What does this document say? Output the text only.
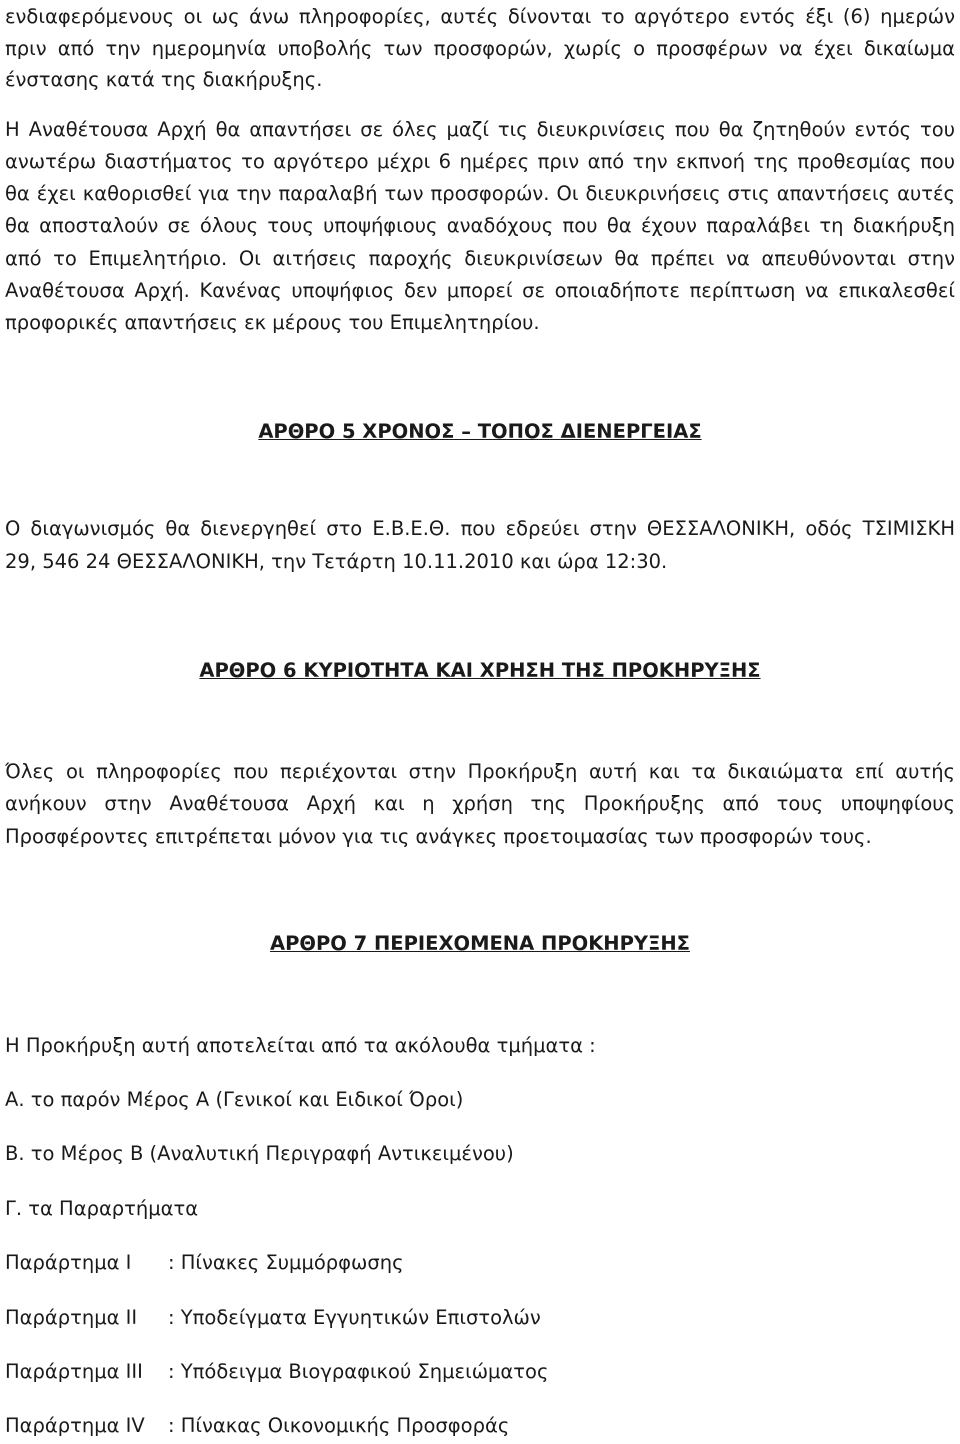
ενδιαφερόμενους οι ως άνω πληροφορίες, αυτές δίνονται το αργότερο εντός έξι (6) ημερών
πριν από την ημερομηνία υποβολής των προσφορών, χωρίς ο προσφέρων να έχει δικαίωμα
ένστασης κατά της διακήρυξης.
Η Αναθέτουσα Αρχή θα απαντήσει σε όλες μαζί τις διευκρινίσεις που θα ζητηθούν εντός του
ανωτέρω διαστήματος το αργότερο μέχρι 6 ημέρες πριν από την εκπνοή της προθεσμίας που
θα έχει καθορισθεί για την παραλαβή των προσφορών. Οι διευκρινήσεις στις απαντήσεις αυτές
θα αποσταλούν σε όλους τους υποψήφιους αναδόχους που θα έχουν παραλάβει τη διακήρυξη
από το Επιμελητήριο. Οι αιτήσεις παροχής διευκρινίσεων θα πρέπει να απευθύνονται στην
Αναθέτουσα Αρχή. Κανένας υποψήφιος δεν μπορεί σε οποιαδήποτε περίπτωση να επικαλεσθεί
προφορικές απαντήσεις εκ μέρους του Επιμελητηρίου.
ΑΡΘΡΟ 5 ΧΡΟΝΟΣ – ΤΟΠΟΣ ΔΙΕΝΕΡΓΕΙΑΣ
Ο διαγωνισμός θα διενεργηθεί στο Ε.Β.Ε.Θ. που εδρεύει στην ΘΕΣΣΑΛΟΝΙΚΗ, οδός ΤΣΙΜΙΣΚΗ
29, 546 24 ΘΕΣΣΑΛΟΝΙΚΗ, την Τετάρτη 10.11.2010 και ώρα 12:30.
ΑΡΘΡΟ 6 ΚΥΡΙΟΤΗΤΑ ΚΑΙ ΧΡΗΣΗ ΤΗΣ ΠΡΟΚΗΡΥΞΗΣ
Όλες οι πληροφορίες που περιέχονται στην Προκήρυξη αυτή και τα δικαιώματα επί αυτής
ανήκουν στην Αναθέτουσα Αρχή και η χρήση της Προκήρυξης από τους υποψηφίους
Προσφέροντες επιτρέπεται μόνον για τις ανάγκες προετοιμασίας των προσφορών τους.
ΑΡΘΡΟ 7 ΠΕΡΙΕΧΟΜΕΝΑ ΠΡΟΚΗΡΥΞΗΣ
Η Προκήρυξη αυτή αποτελείται από τα ακόλουθα τμήματα :
Α. το παρόν Μέρος Α (Γενικοί και Ειδικοί Όροι)
Β. το Μέρος Β (Αναλυτική Περιγραφή Αντικειμένου)
Γ. τα Παραρτήματα
Παράρτημα Ι : Πίνακες Συμμόρφωσης
Παράρτημα ΙΙ : Υποδείγματα Εγγυητικών Επιστολών
Παράρτημα ΙΙΙ : Υπόδειγμα Βιογραφικού Σημειώματος
Παράρτημα ΙV : Πίνακας Οικονομικής Προσφοράς
